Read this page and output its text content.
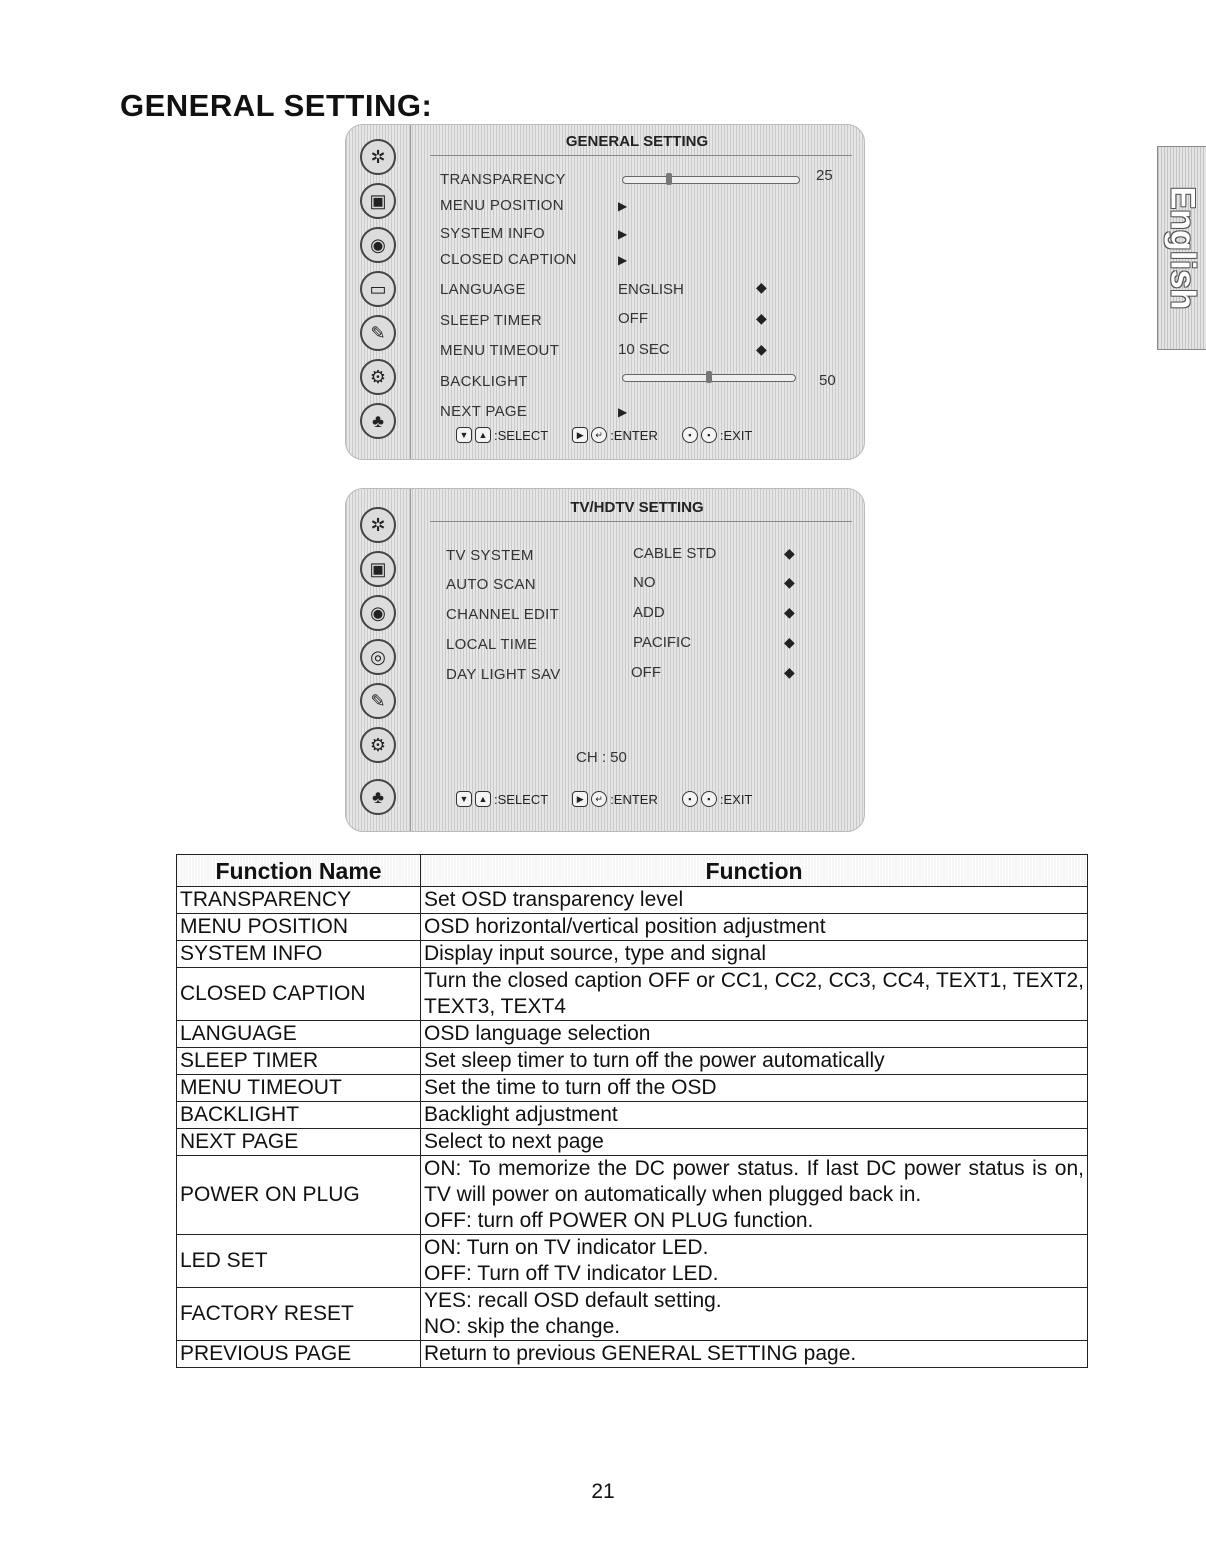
GENERAL SETTING:
English
✲
▣
◉
▭
✎
⚙
♣
GENERAL SETTING
TRANSPARENCY	25
MENU POSITION	▶
SYSTEM INFO	▶
CLOSED CAPTION	▶
LANGUAGE	ENGLISH	◆
SLEEP TIMER	OFF	◆
MENU TIMEOUT	10 SEC	◆
BACKLIGHT	50
NEXT PAGE	▶
▼	▲ :SELECT	▶	↵ :ENTER	▪	▪ :EXIT
✲
▣
◉
◎
✎
⚙
♣
TV/HDTV SETTING
TV SYSTEM	CABLE STD	◆
AUTO SCAN	NO	◆
CHANNEL EDIT	ADD	◆
LOCAL TIME	PACIFIC	◆
DAY LIGHT SAV	OFF	◆
CH : 50
▼	▲ :SELECT	▶	↵ :ENTER	▪	▪ :EXIT
Function Name	Function
TRANSPARENCY	Set OSD transparency level

MENU POSITION	OSD horizontal/vertical position adjustment

SYSTEM INFO	Display input source, type and signal

CLOSED CAPTION	Turn the closed caption OFF or CC1, CC2, CC3, CC4, TEXT1, TEXT2, TEXT3, TEXT4

LANGUAGE	OSD language selection

SLEEP TIMER	Set sleep timer to turn off the power automatically

MENU TIMEOUT	Set the time to turn off the OSD

BACKLIGHT	Backlight adjustment

NEXT PAGE	Select to next page

POWER ON PLUG	ON: To memorize the DC power status. If last DC power status is on, TV will power on automatically when plugged back in.
OFF: turn off POWER ON PLUG function.

LED SET	ON: Turn on TV indicator LED.
OFF: Turn off TV indicator LED.

FACTORY RESET	YES: recall OSD default setting.
NO: skip the change.

PREVIOUS PAGE	Return to previous GENERAL SETTING page.
21
